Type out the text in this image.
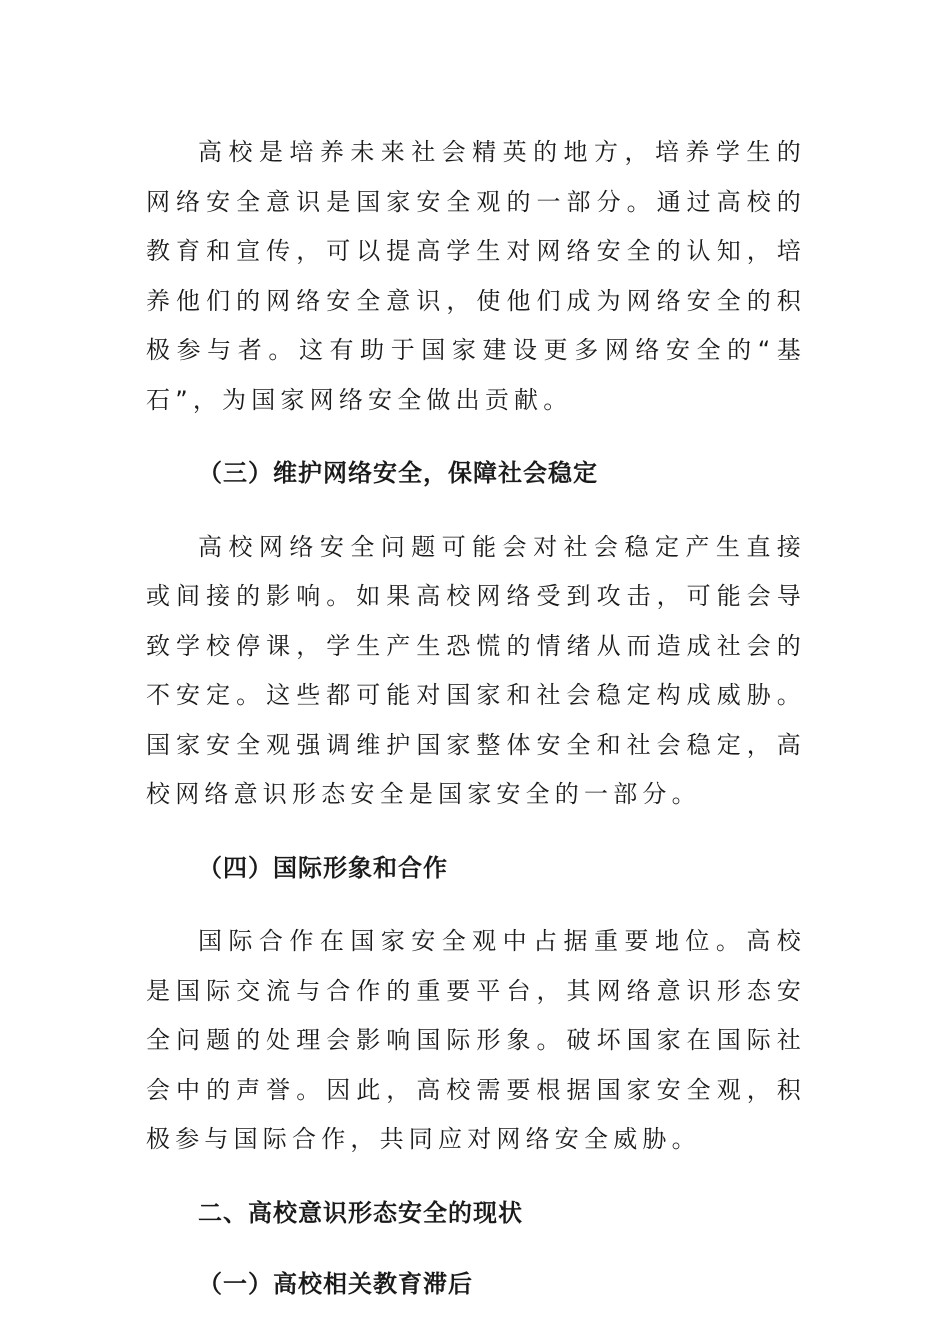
高校是培养未来社会精英的地方，培养学生的网络安全意识是国家安全观的一部分。通过高校的教育和宣传，可以提高学生对网络安全的认知，培养他们的网络安全意识，使他们成为网络安全的积极参与者。这有助于国家建设更多网络安全的“基石”，为国家网络安全做出贡献。

（三）维护网络安全，保障社会稳定

高校网络安全问题可能会对社会稳定产生直接或间接的影响。如果高校网络受到攻击，可能会导致学校停课，学生产生恐慌的情绪从而造成社会的不安定。这些都可能对国家和社会稳定构成威胁。国家安全观强调维护国家整体安全和社会稳定，高校网络意识形态安全是国家安全的一部分。

（四）国际形象和合作

国际合作在国家安全观中占据重要地位。高校是国际交流与合作的重要平台，其网络意识形态安全问题的处理会影响国际形象。破坏国家在国际社会中的声誉。因此，高校需要根据国家安全观，积极参与国际合作，共同应对网络安全威胁。

二、高校意识形态安全的现状

（一）高校相关教育滞后
